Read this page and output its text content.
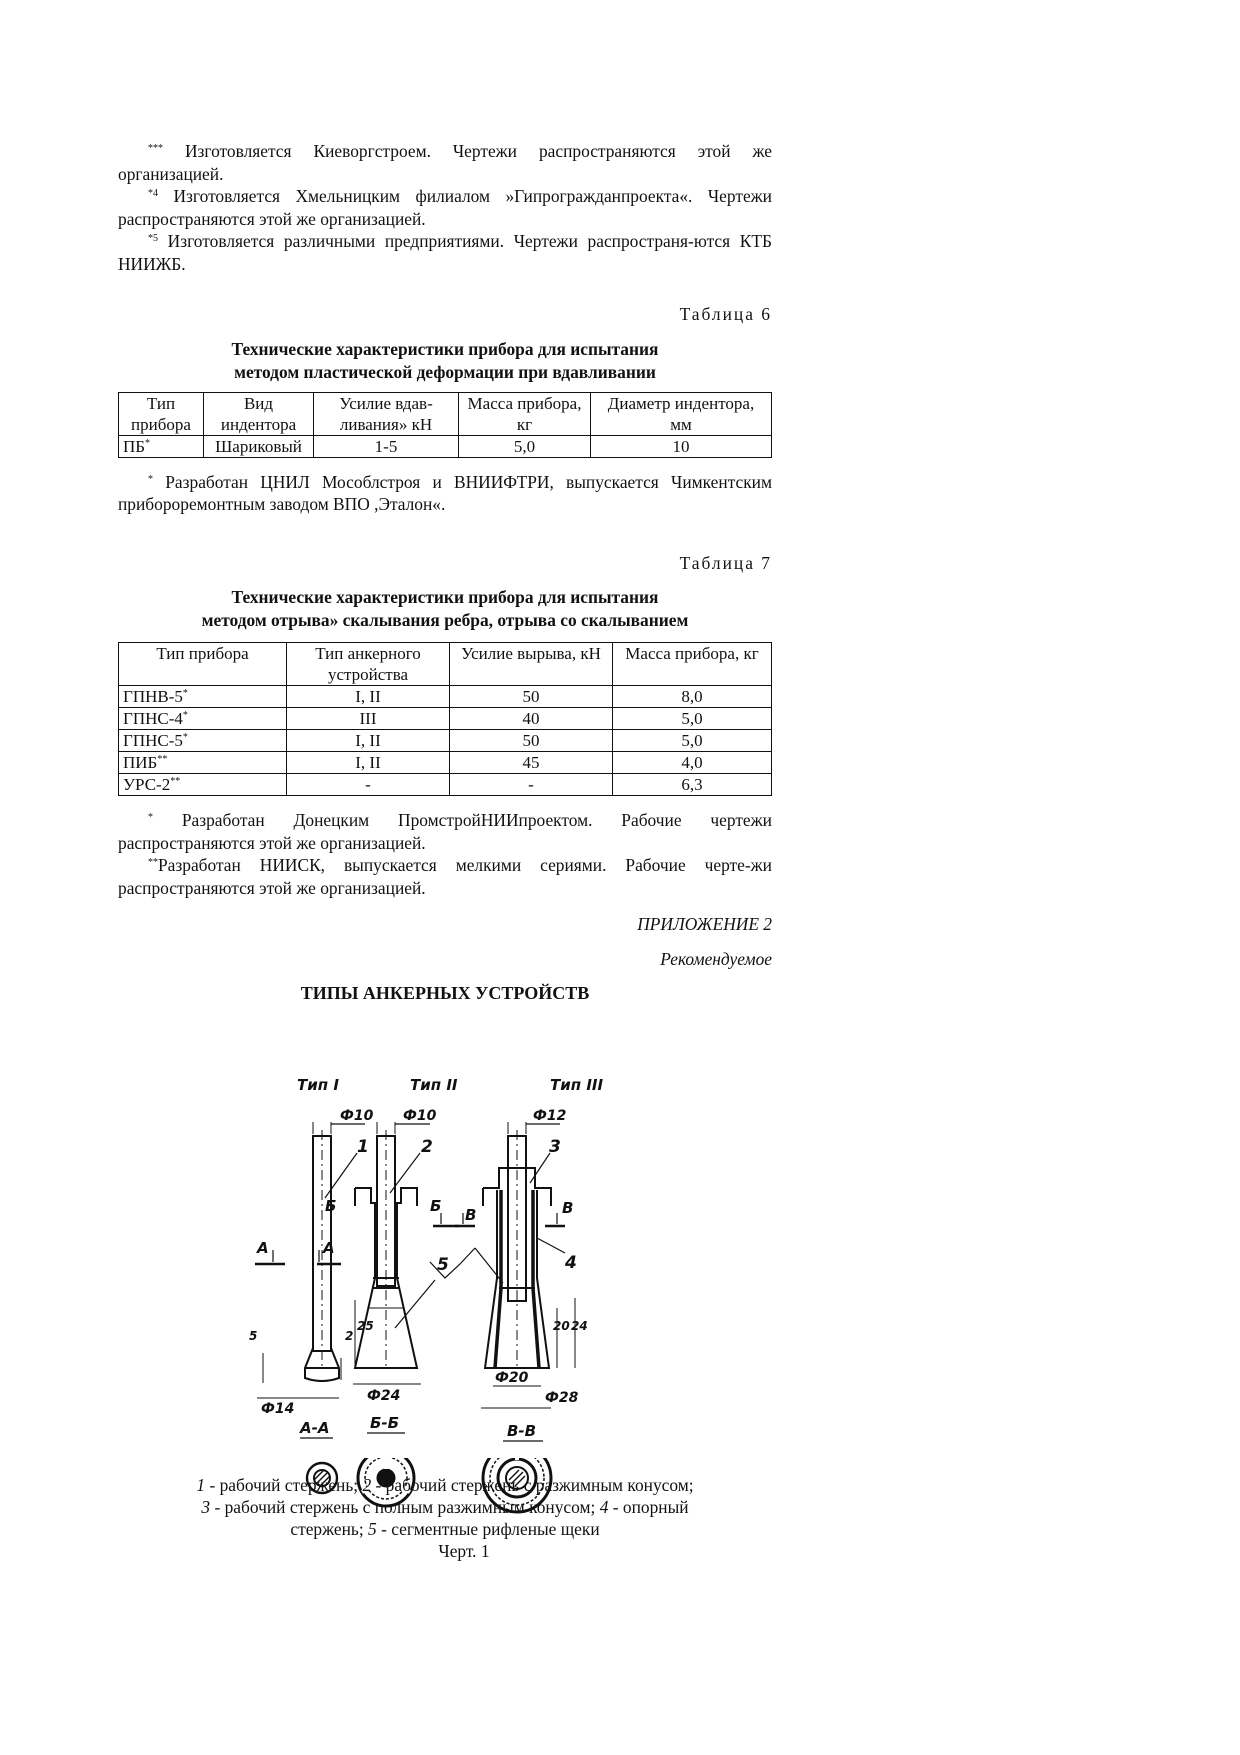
*** Изготовляется Киеворгстроем. Чертежи распространяются этой же организацией.

$^{*4}$ Изготовляется Хмельницким филиалом »Гипрогражданпроекта«. Чертежи распространяются этой же организацией.

$^{*5}$ Изготовляется различными предприятиями. Чертежи распространя-ются КТБ НИИЖБ.

Таблица 6

Технические характеристики прибора для испытания

методом пластической деформации при вдавливании

Тип прибора	Вид индентора	Усилие вдав-ливания» кН	Масса прибора, кг	Диаметр индентора, мм
ПБ*	Шариковый	1-5	5,0	10

* Разработан ЦНИЛ Мособлстроя и ВНИИФТРИ, выпускается Чимкентским прибороремонтным заводом ВПО ,Эталон«.

Таблица 7

Технические характеристики прибора для испытания

методом отрыва» скалывания ребра, отрыва со скалыванием

Тип прибора	Тип анкерного устройства	Усилие вырыва, кН	Масса прибора, кг
ГПНВ-5*	I, II	50	8,0
ГПНС-4*	III	40	5,0
ГПНС-5*	I, II	50	5,0
ПИБ**	I, II	45	4,0
УРС-2**	-	-	6,3

* Разработан Донецким ПромстройНИИпроектом. Рабочие чертежи распространяются этой же организацией.

**Разработан НИИСК, выпускается мелкими сериями. Рабочие черте-жи распространяются этой же организацией.

ПРИЛОЖЕНИЕ 2

Рекомендуемое

ТИПЫ АНКЕРНЫХ УСТРОЙСТВ

Тип I	Тип II	Тип III
Ф10
1
А	А
5	2
25
Ф14
Ф10
2
Б	Б
Ф24
5
Ф12
3
4
В	В
20 24
Ф20
Ф28
А-А	Б-Б	В-В

1 - рабочий стержень; 2 - рабочий стержень с разжимным конусом;

3 - рабочий стержень с полным разжимным конусом; 4 - опорный

стержень; 5 - сегментные рифленые щеки

Черт. 1
